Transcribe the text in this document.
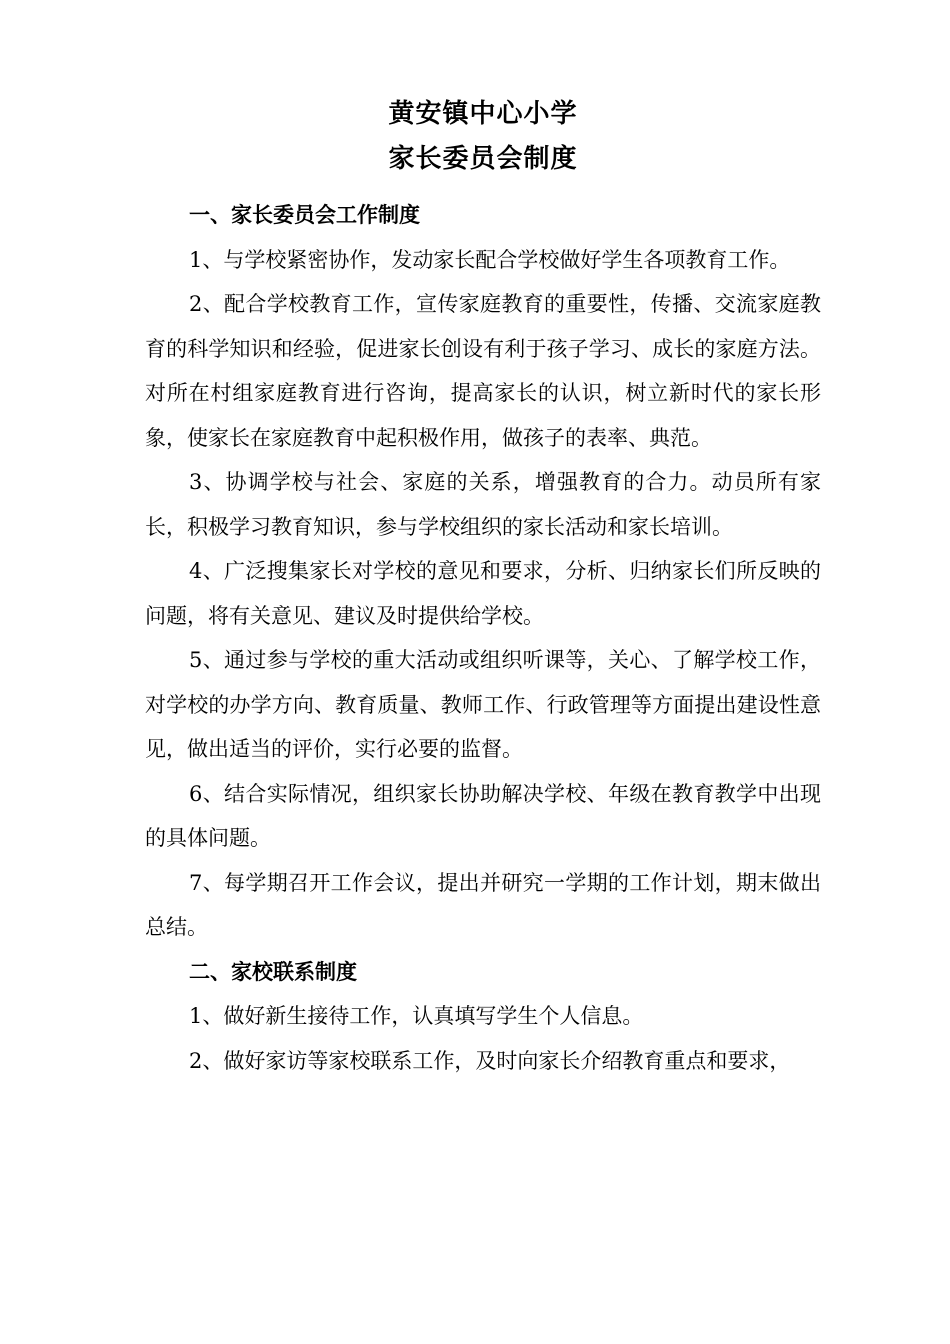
黄安镇中心小学
家长委员会制度
一、家长委员会工作制度

1、与学校紧密协作，发动家长配合学校做好学生各项教育工作。

2、配合学校教育工作，宣传家庭教育的重要性，传播、交流家庭教育的科学知识和经验，促进家长创设有利于孩子学习、成长的家庭方法。对所在村组家庭教育进行咨询，提高家长的认识，树立新时代的家长形象，使家长在家庭教育中起积极作用，做孩子的表率、典范。

3、协调学校与社会、家庭的关系，增强教育的合力。动员所有家长，积极学习教育知识，参与学校组织的家长活动和家长培训。

4、广泛搜集家长对学校的意见和要求，分析、归纳家长们所反映的问题，将有关意见、建议及时提供给学校。

5、通过参与学校的重大活动或组织听课等，关心、了解学校工作，对学校的办学方向、教育质量、教师工作、行政管理等方面提出建设性意见，做出适当的评价，实行必要的监督。

6、结合实际情况，组织家长协助解决学校、年级在教育教学中出现的具体问题。

7、每学期召开工作会议，提出并研究一学期的工作计划，期末做出总结。

二、家校联系制度

1、做好新生接待工作，认真填写学生个人信息。

2、做好家访等家校联系工作，及时向家长介绍教育重点和要求，
